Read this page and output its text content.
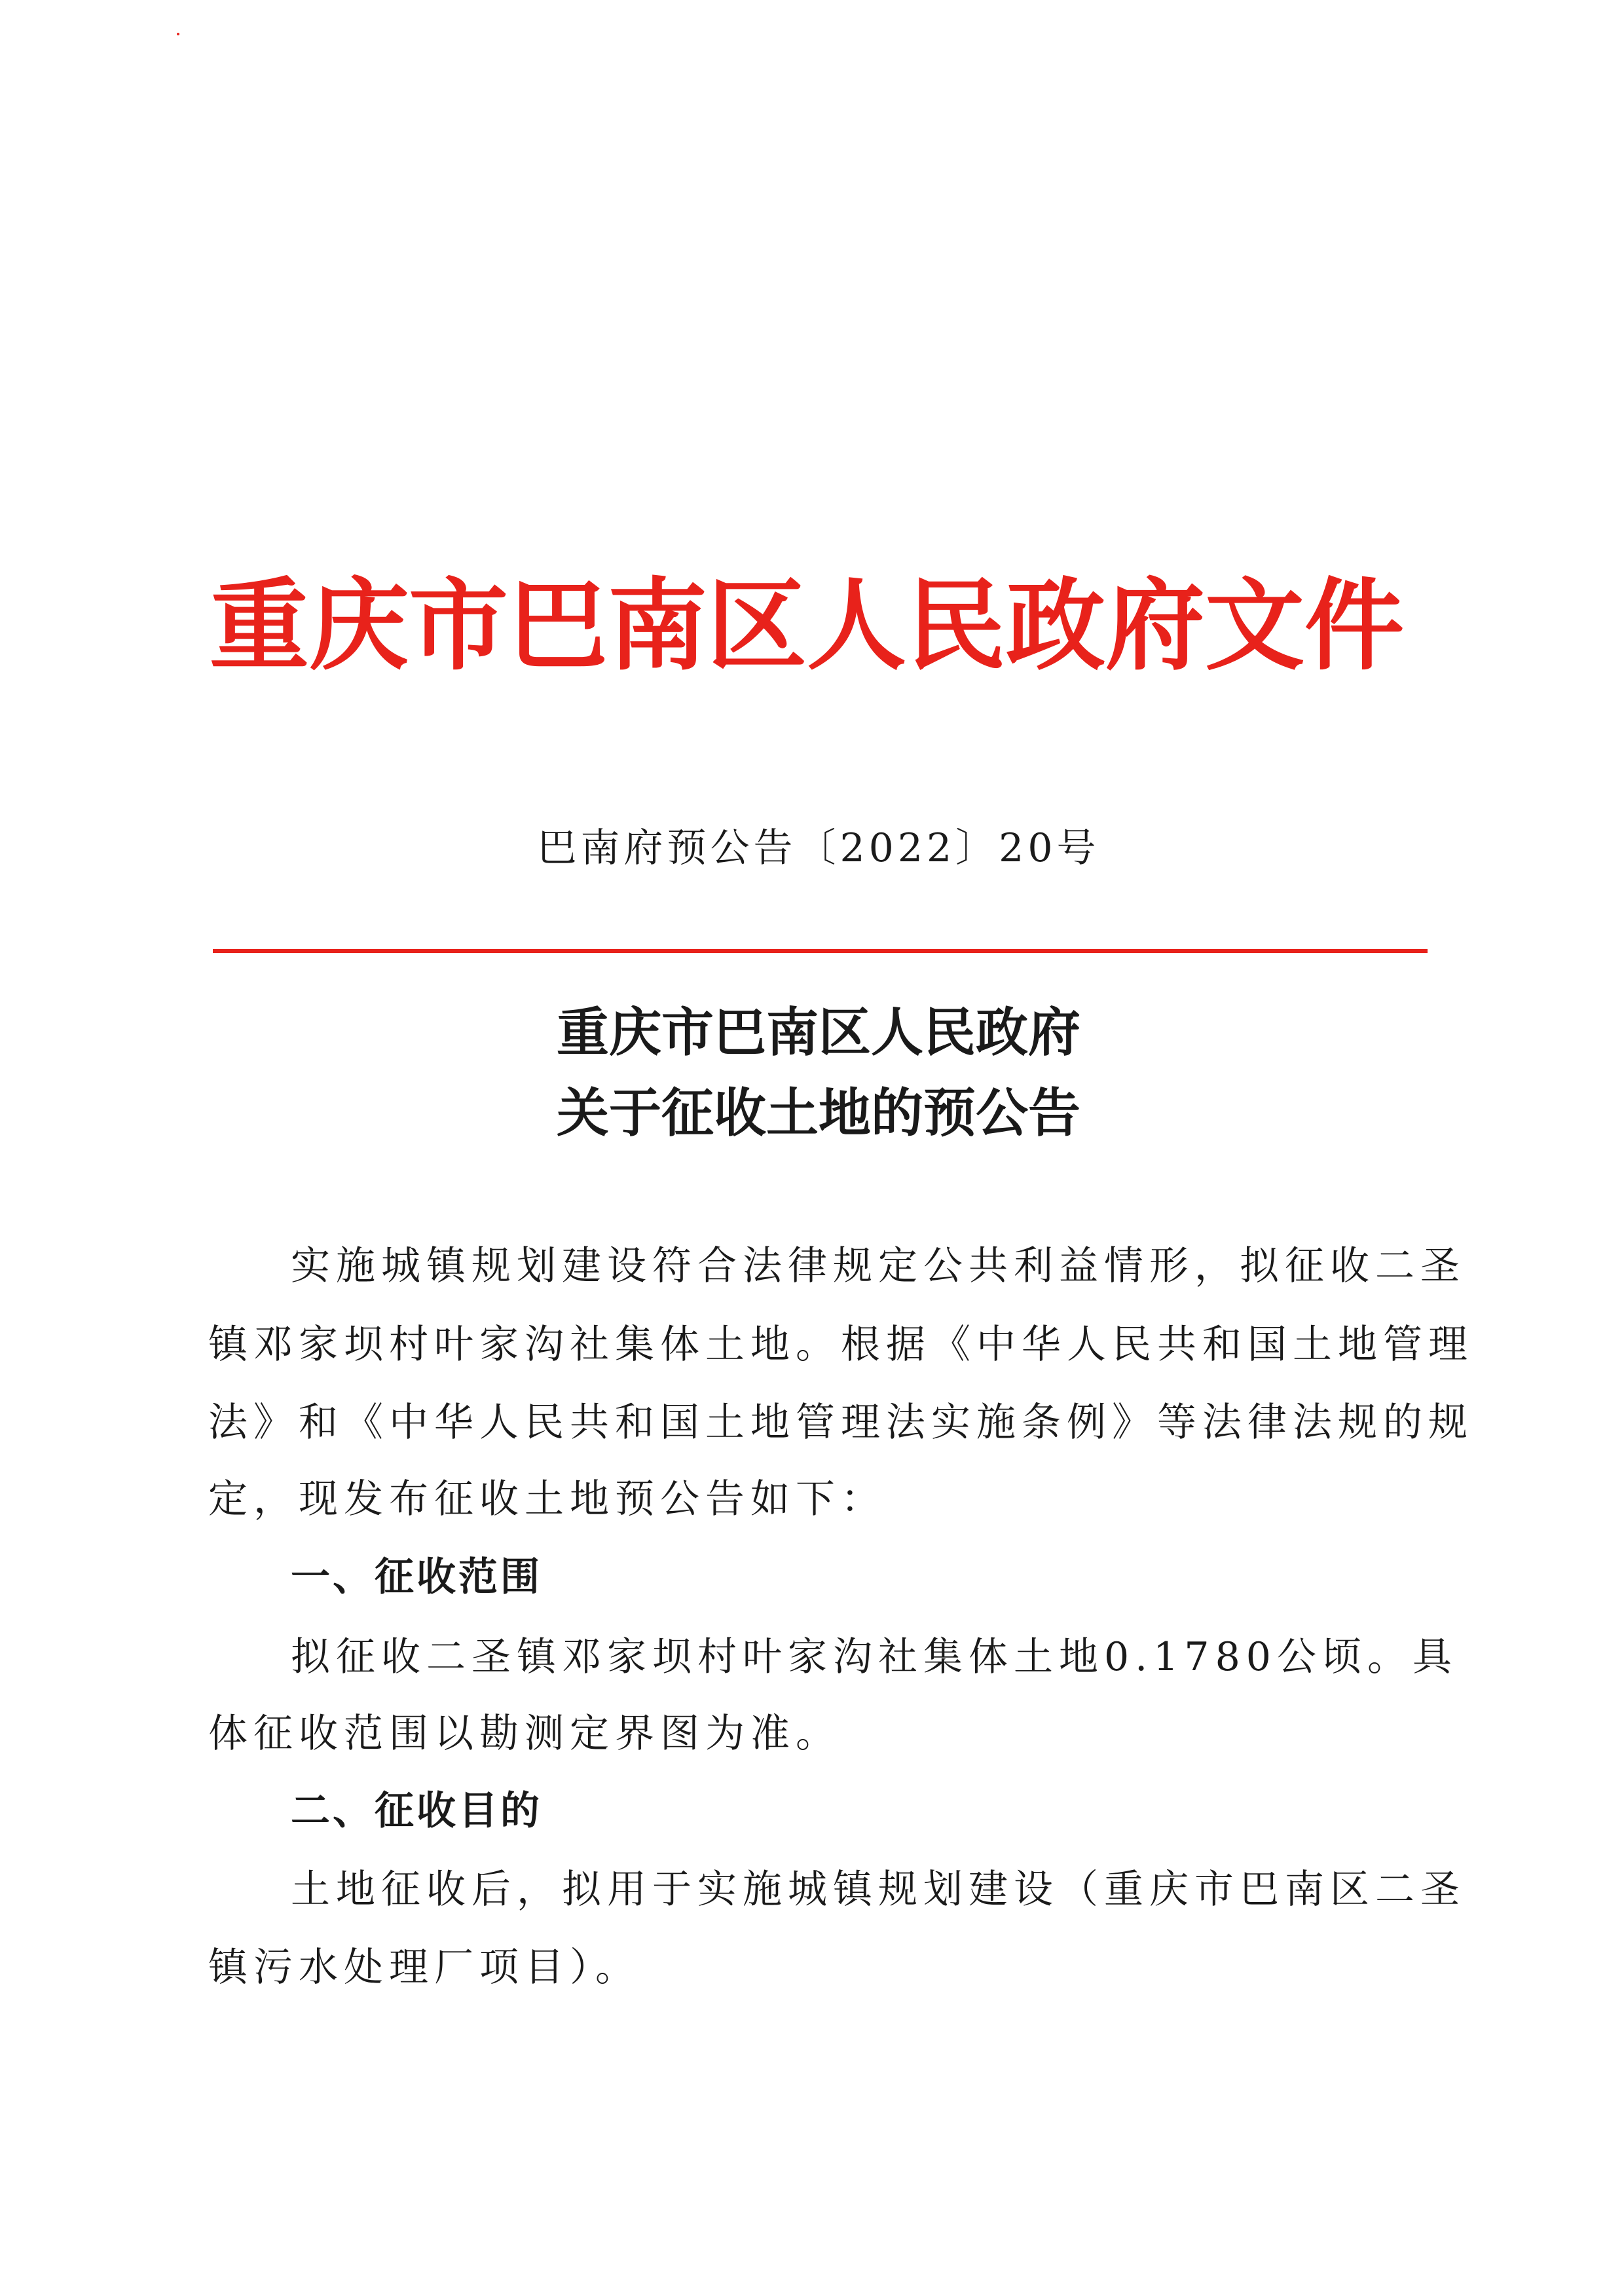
重庆市巴南区人民政府文件
巴南府预公告〔2022〕20号
重庆市巴南区人民政府
关于征收土地的预公告
实施城镇规划建设符合法律规定公共利益情形，拟征收二圣
镇邓家坝村叶家沟社集体土地。根据《中华人民共和国土地管理
法》和《中华人民共和国土地管理法实施条例》等法律法规的规
定，现发布征收土地预公告如下：
一、征收范围
拟征收二圣镇邓家坝村叶家沟社集体土地0.1780公顷。具
体征收范围以勘测定界图为准。
二、征收目的
土地征收后，拟用于实施城镇规划建设（重庆市巴南区二圣
镇污水处理厂项目）。
